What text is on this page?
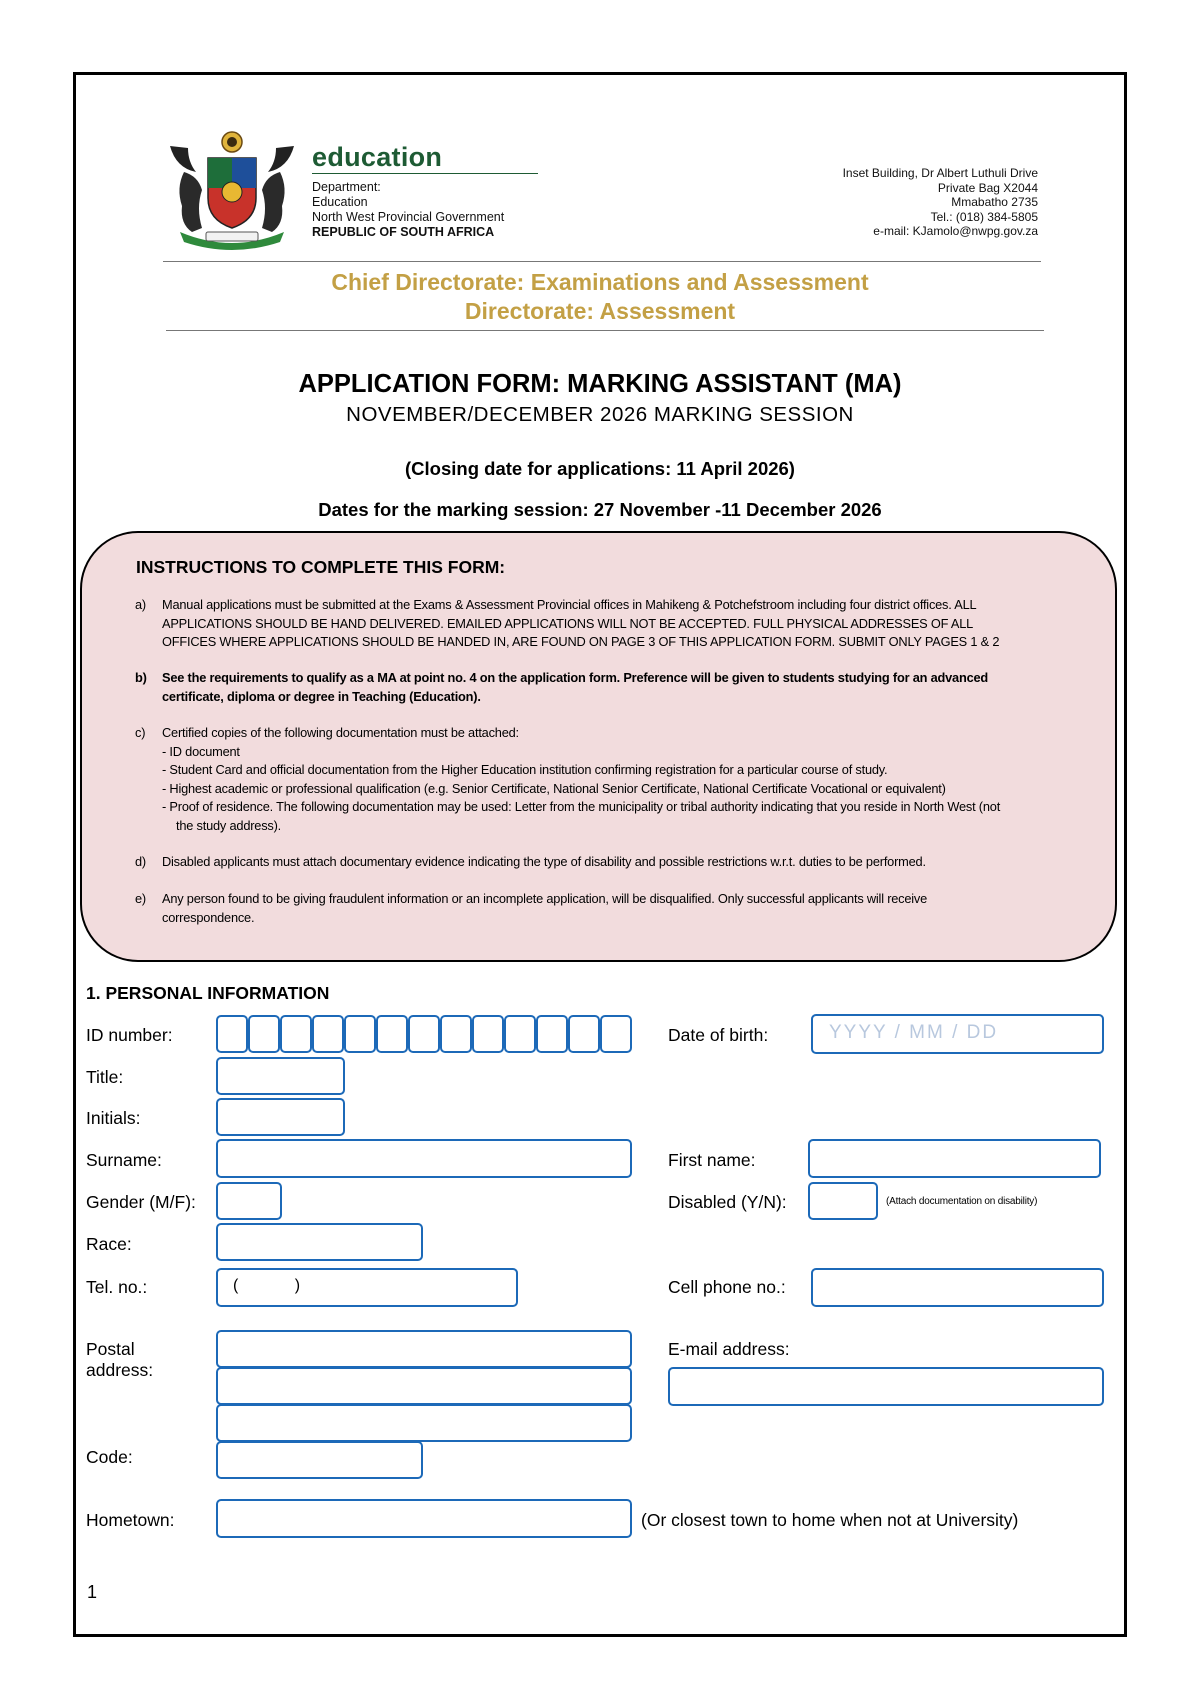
education
Department:
Education
North West Provincial Government
REPUBLIC OF SOUTH AFRICA
Inset Building, Dr Albert Luthuli Drive
Private Bag X2044
Mmabatho 2735
Tel.: (018) 384-5805
e-mail: KJamolo@nwpg.gov.za
Chief Directorate: Examinations and Assessment
Directorate: Assessment
APPLICATION FORM: MARKING ASSISTANT (MA)
NOVEMBER/DECEMBER 2026 MARKING SESSION
(Closing date for applications: 11 April 2026)
Dates for the marking session: 27 November -11 December 2026
INSTRUCTIONS TO COMPLETE THIS FORM:
a) Manual applications must be submitted at the Exams & Assessment Provincial offices in Mahikeng & Potchefstroom including four district offices. ALL
APPLICATIONS SHOULD BE HAND DELIVERED. EMAILED APPLICATIONS WILL NOT BE ACCEPTED. FULL PHYSICAL ADDRESSES OF ALL
OFFICES WHERE APPLICATIONS SHOULD BE HANDED IN, ARE FOUND ON PAGE 3 OF THIS APPLICATION FORM. SUBMIT ONLY PAGES 1 & 2
b) See the requirements to qualify as a MA at point no. 4 on the application form. Preference will be given to students studying for an advanced
certificate, diploma or degree in Teaching (Education).
c) Certified copies of the following documentation must be attached:
- ID document
- Student Card and official documentation from the Higher Education institution confirming registration for a particular course of study.
- Highest academic or professional qualification (e.g. Senior Certificate, National Senior Certificate, National Certificate Vocational or equivalent)
- Proof of residence. The following documentation may be used: Letter from the municipality or tribal authority indicating that you reside in North West (not
the study address).
d) Disabled applicants must attach documentary evidence indicating the type of disability and possible restrictions w.r.t. duties to be performed.
e) Any person found to be giving fraudulent information or an incomplete application, will be disqualified. Only successful applicants will receive
correspondence.
1. PERSONAL INFORMATION
ID number:	Date of birth:	YYYY / MM / DD
Title:
Initials:
Surname:	First name:
Gender (M/F):	Disabled (Y/N):	(Attach documentation on disability)
Race:
Tel. no.:	( )	Cell phone no.:
Postal
address:
E-mail address:
Code:
Hometown:	(Or closest town to home when not at University)
1
